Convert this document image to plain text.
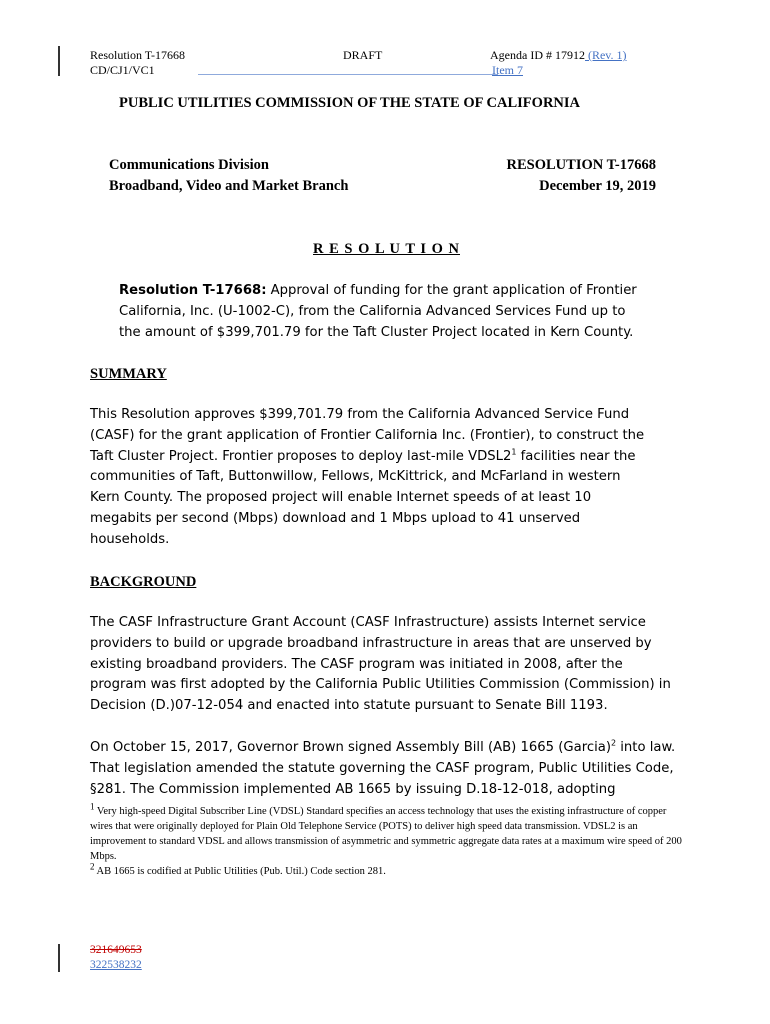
Resolution T-17668
CD/CJ1/VC1
DRAFT	Agenda ID # 17912 (Rev. 1)
Item 7
PUBLIC UTILITIES COMMISSION OF THE STATE OF CALIFORNIA
Communications Division
Broadband, Video and Market Branch
RESOLUTION T-17668
December 19, 2019
R E S O L U T I O N

Resolution T-17668: Approval of funding for the grant application of Frontier California, Inc. (U-1002-C), from the California Advanced Services Fund up to the amount of $399,701.79 for the Taft Cluster Project located in Kern County.

SUMMARY

This Resolution approves $399,701.79 from the California Advanced Service Fund (CASF) for the grant application of Frontier California Inc. (Frontier), to construct the Taft Cluster Project. Frontier proposes to deploy last-mile $VDSL2^1$ facilities near the communities of Taft, Buttonwillow, Fellows, McKittrick, and McFarland in western Kern County. The proposed project will enable Internet speeds of at least 10 megabits per second (Mbps) download and 1 Mbps upload to 41 unserved households.

BACKGROUND

The CASF Infrastructure Grant Account (CASF Infrastructure) assists Internet service providers to build or upgrade broadband infrastructure in areas that are unserved by existing broadband providers. The CASF program was initiated in 2008, after the program was first adopted by the California Public Utilities Commission (Commission) in Decision (D.)07-12-054 and enacted into statute pursuant to Senate Bill 1193.

On October 15, 2017, Governor Brown signed Assembly Bill (AB) 1665 (Garcia)$^2$ into law. That legislation amended the statute governing the CASF program, Public Utilities Code, §281. The Commission implemented AB 1665 by issuing D.18-12-018, adopting

$^1$ Very high-speed Digital Subscriber Line (VDSL) Standard specifies an access technology that uses the existing infrastructure of copper wires that were originally deployed for Plain Old Telephone Service (POTS) to deliver high speed data transmission. VDSL2 is an improvement to standard VDSL and allows transmission of asymmetric and symmetric aggregate data rates at a maximum wire speed of 200 Mbps.
$^2$ AB 1665 is codified at Public Utilities (Pub. Util.) Code section 281.
321649653
322538232
